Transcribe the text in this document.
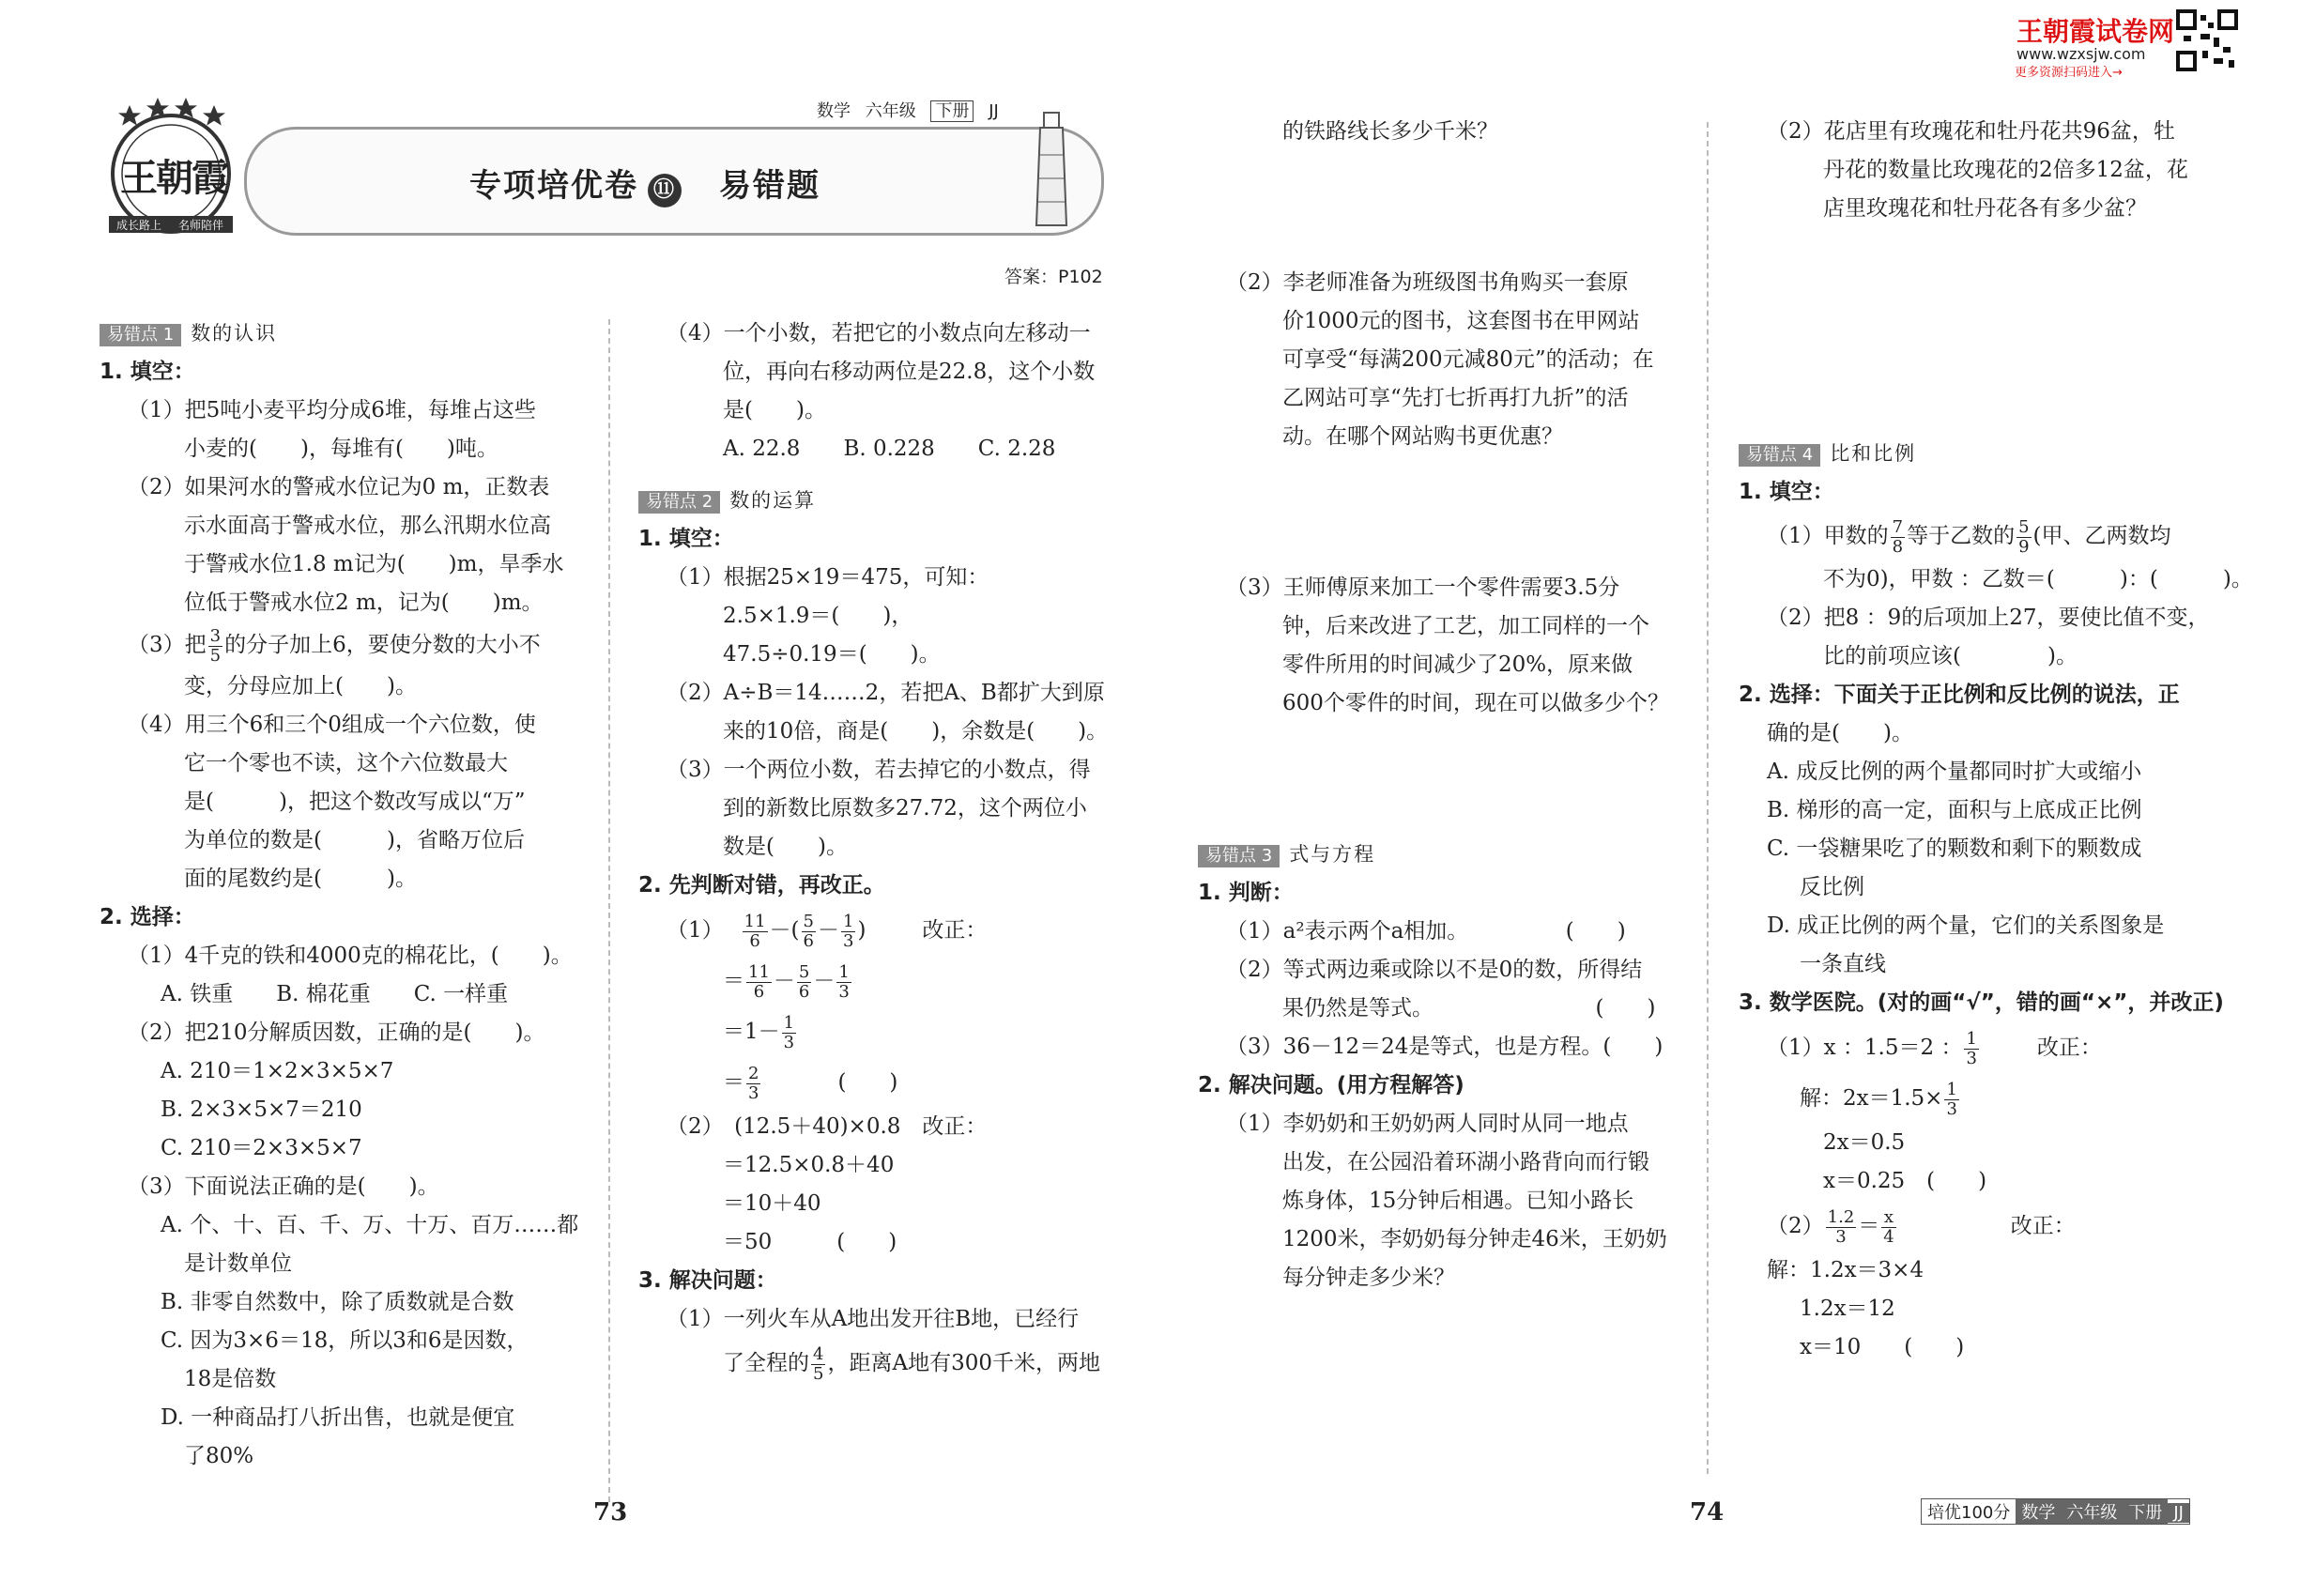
王朝霞
成长路上 名师陪伴
数学 六年级 下册 JJ
专项培优卷 ⑪ 易错题
答案：P102
王朝霞试卷网
www.wzxsjw.com
更多资源扫码进入→

易错点 1 数的认识

1. 填空：

（1）把5吨小麦平均分成6堆，每堆占这些

小麦的(　　)，每堆有(　　)吨。

（2）如果河水的警戒水位记为0 m，正数表

示水面高于警戒水位，那么汛期水位高

于警戒水位1.8 m记为(　　)m，旱季水

位低于警戒水位2 m，记为(　　)m。

（3）把 $\frac{3}{5}$ 的分子加上6，要使分数的大小不

变，分母应加上(　　)。

（4）用三个6和三个0组成一个六位数，使

它一个零也不读，这个六位数最大

是(　　　)，把这个数改写成以“万”

为单位的数是(　　　)，省略万位后

面的尾数约是(　　　)。

2. 选择：

（1）4千克的铁和4000克的棉花比，(　　)。

A. 铁重　　B. 棉花重　　C. 一样重

（2）把210分解质因数，正确的是(　　)。

A. 210＝1×2×3×5×7

B. 2×3×5×7＝210

C. 210＝2×3×5×7

（3）下面说法正确的是(　　)。

A. 个、十、百、千、万、十万、百万……都

是计数单位

B. 非零自然数中，除了质数就是合数

C. 因为3×6＝18，所以3和6是因数，

18是倍数

D. 一种商品打八折出售，也就是便宜

了80%

（4）一个小数，若把它的小数点向左移动一

位，再向右移动两位是22.8，这个小数

是(　　)。

A. 22.8　　B. 0.228　　C. 2.28

易错点 2 数的运算

1. 填空：

（1）根据25×19＝475，可知：

2.5×1.9＝(　　)，

47.5÷0.19＝(　　)。

（2）A÷B＝14……2，若把A、B都扩大到原

来的10倍，商是(　　)，余数是(　　)。

（3）一个两位小数，若去掉它的小数点，得

到的新数比原数多27.72，这个两位小

数是(　　)。

2. 先判断对错，再改正。

$(1) \frac{11}{6}$ －( $\frac{5}{6} - \frac{1}{3}$ )	改正：

＝ $\frac{11}{6} - \frac{5}{6} - \frac{1}{3}$

$=1- \frac{1}{3}$

＝ $\frac{2}{3}$	(　　)

（2）　(12.5＋40)×0.8　改正：

＝12.5×0.8＋40

＝10＋40

＝50　　　(　　)

3. 解决问题：

（1）一列火车从A地出发开往B地，已经行

了全程的 $\frac{4}{5}$ ，距离A地有300千米，两地

73

的铁路线长多少千米？

（2）李老师准备为班级图书角购买一套原

价1000元的图书，这套图书在甲网站

可享受“每满200元减80元”的活动；在

乙网站可享“先打七折再打九折”的活

动。在哪个网站购书更优惠？

（3）王师傅原来加工一个零件需要3.5分

钟，后来改进了工艺，加工同样的一个

零件所用的时间减少了20%，原来做

600个零件的时间，现在可以做多少个？

易错点 3 式与方程

1. 判断：

（1）a²表示两个a相加。　　　　　(　　)

（2）等式两边乘或除以不是0的数，所得结

果仍然是等式。　　　　　　　　(　　)

（3）36－12＝24是等式，也是方程。(　　)

2. 解决问题。(用方程解答)

（1）李奶奶和王奶奶两人同时从同一地点

出发，在公园沿着环湖小路背向而行锻

炼身体，15分钟后相遇。已知小路长

1200米，李奶奶每分钟走46米，王奶奶

每分钟走多少米？

74

（2）花店里有玫瑰花和牡丹花共96盆，牡

丹花的数量比玫瑰花的2倍多12盆，花

店里玫瑰花和牡丹花各有多少盆？

易错点 4 比和比例

1. 填空：

（1）甲数的 $\frac{7}{8}$ 等于乙数的 $\frac{5}{9}$ (甲、乙两数均

不为0)，甲数 ：乙数＝(　　　)：(　　　)。

（2）把8 ：9的后项加上27，要使比值不变，

比的前项应该(　　　　)。

2. 选择：下面关于正比例和反比例的说法，正

确的是(　　)。

A. 成反比例的两个量都同时扩大或缩小

B. 梯形的高一定，面积与上底成正比例

C. 一袋糖果吃了的颗数和剩下的颗数成

反比例

D. 成正比例的两个量，它们的关系图象是

一条直线

3. 数学医院。(对的画“√”，错的画“×”，并改正)

（1）x ：1.5＝2 ： $\frac{1}{3}$	改正：

解：$2x=1.5\times \frac{1}{3}$

2x＝0.5

x＝0.25　(　　)

$(2) \frac{1.2}{3} = \frac{x}{4}$	改正：

解：1.2x＝3×4

1.2x＝12

x＝10　　(　　)

培优100分 数学 六年级 下册 JJ
